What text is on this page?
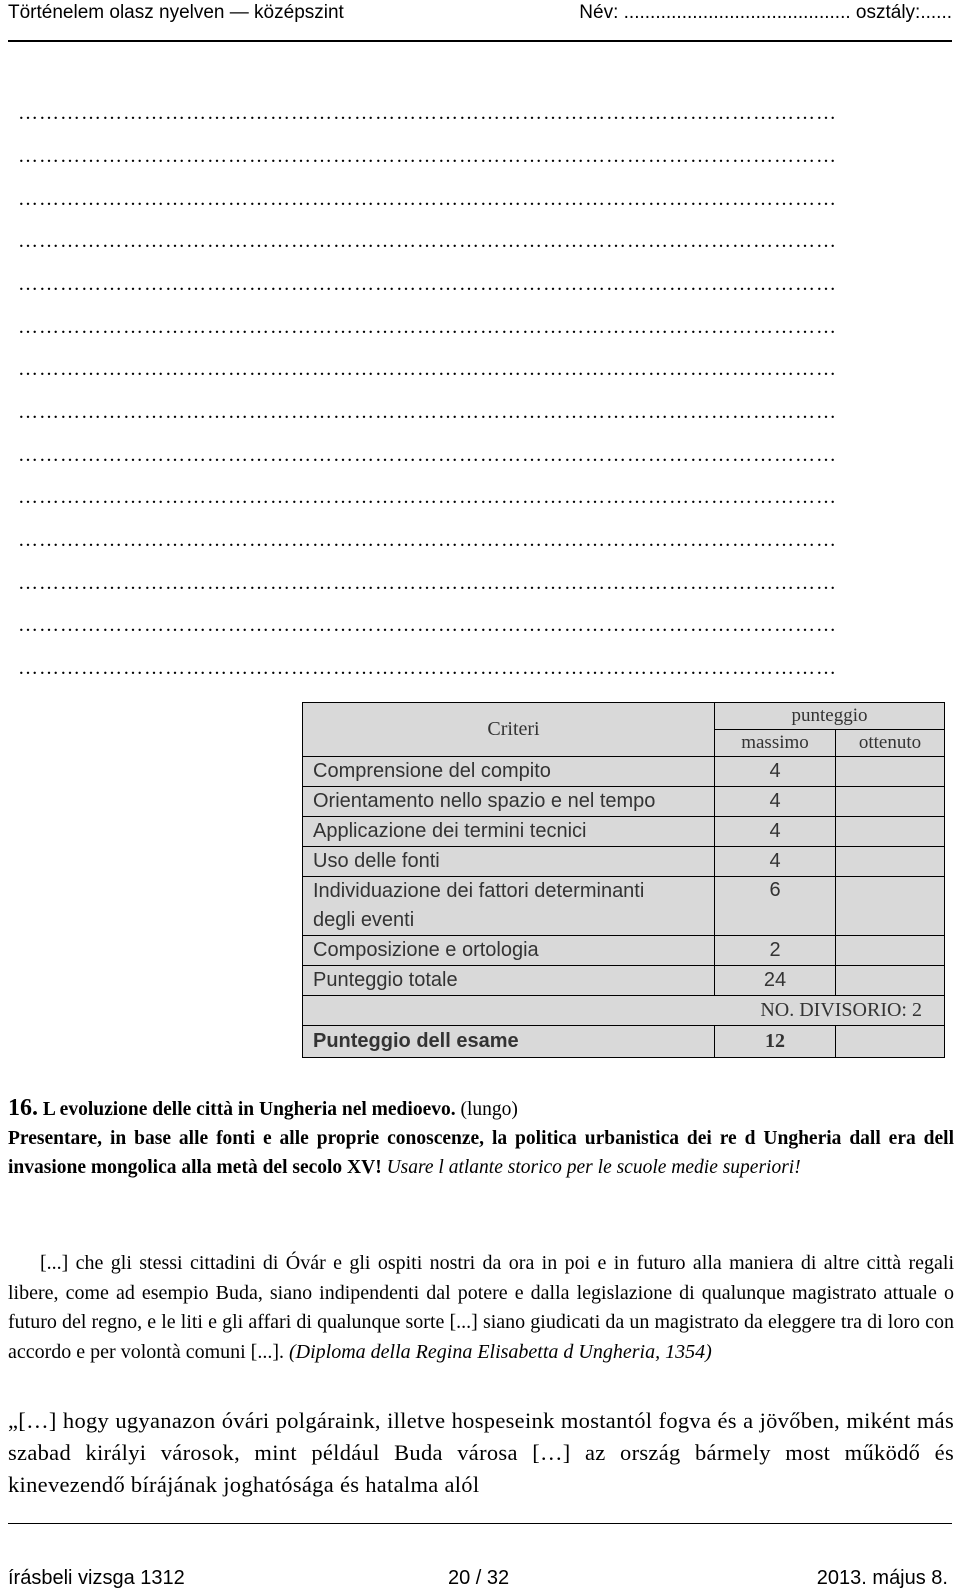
Történelem olasz nyelven — középszint	Név: ........................................... osztály:......
………………………………………………………………………………………………………
………………………………………………………………………………………………………
………………………………………………………………………………………………………
………………………………………………………………………………………………………
………………………………………………………………………………………………………
………………………………………………………………………………………………………
………………………………………………………………………………………………………
………………………………………………………………………………………………………
………………………………………………………………………………………………………
………………………………………………………………………………………………………
………………………………………………………………………………………………………
………………………………………………………………………………………………………
………………………………………………………………………………………………………
………………………………………………………………………………………………………
Criteri	punteggio	
	massimo	ottenuto
Comprensione del compito	4	
Orientamento nello spazio e nel tempo	4	
Applicazione dei termini tecnici	4	
Uso delle fonti	4	
Individuazione dei fattori determinanti
degli eventi	6	
Composizione e ortologia	2	
Punteggio totale	24	
NO. DIVISORIO: 2		
Punteggio dell esame	12	
16. L evoluzione delle città in Ungheria nel medioevo. (lungo)
Presentare, in base alle fonti e alle proprie conoscenze, la politica urbanistica dei re d Ungheria dall era dell invasione mongolica alla metà del secolo XV! Usare l atlante storico per le scuole medie superiori!
[...] che gli stessi cittadini di Óvár e gli ospiti nostri da ora in poi e in futuro alla maniera di altre città regali libere, come ad esempio Buda, siano indipendenti dal potere e dalla legislazione di qualunque magistrato attuale o futuro del regno, e le liti e gli affari di qualunque sorte [...] siano giudicati da un magistrato da eleggere tra di loro con accordo e per volontà comuni [...]. (Diploma della Regina Elisabetta d Ungheria, 1354)
„[…] hogy ugyanazon óvári polgáraink, illetve hospeseink mostantól fogva és a jövőben, miként más szabad királyi városok, mint például Buda városa […] az ország bármely most működő és kinevezendő bírájának joghatósága és hatalma alól
írásbeli vizsga 1312	20 / 32	2013. május 8.
